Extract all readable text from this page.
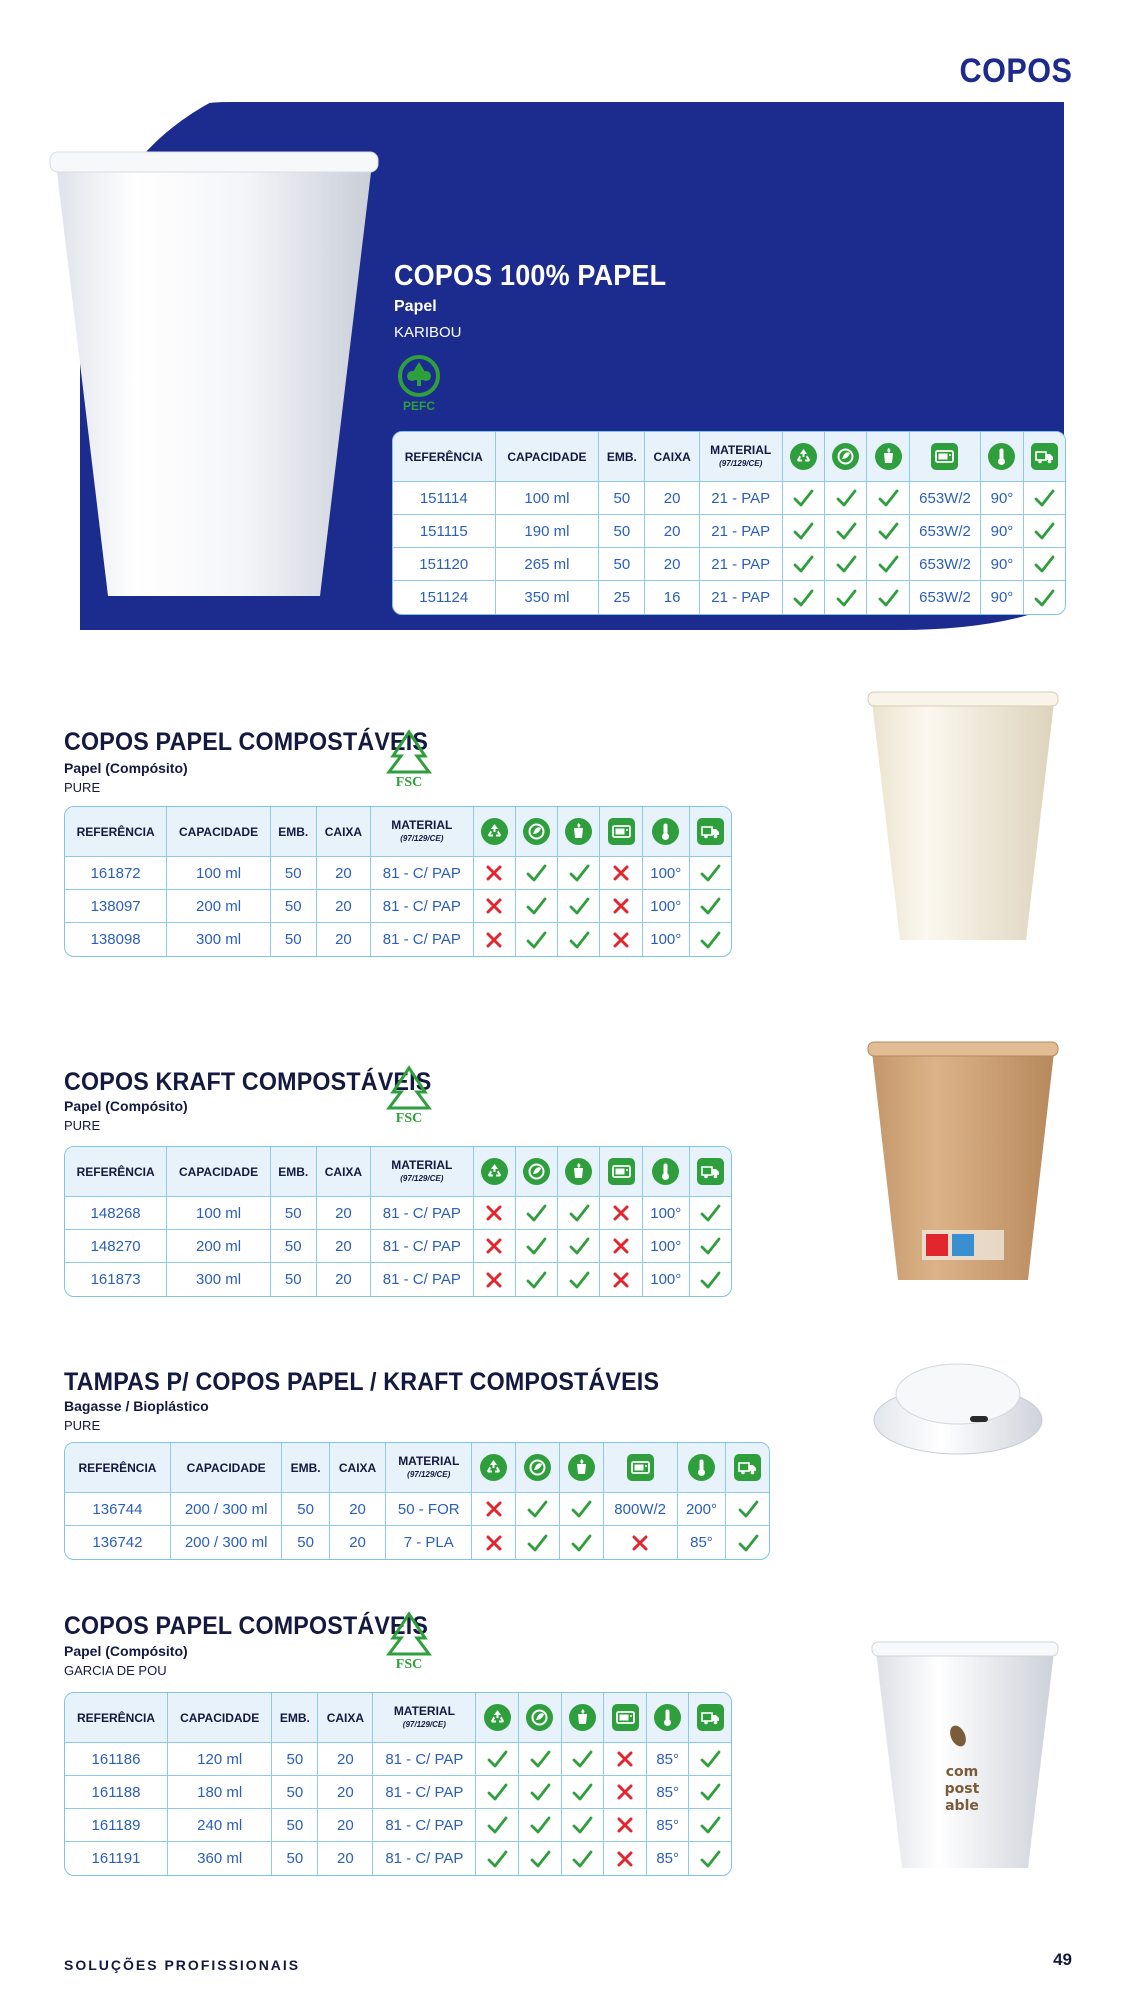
COPOS
COPOS 100% PAPEL
Papel
KARIBOU
PEFC
REFERÊNCIA	CAPACIDADE	EMB.	CAIXA	MATERIAL
(97/129/CE)

151114	100 ml	50	20	21 - PAP				653W/2	90°	
151115	190 ml	50	20	21 - PAP				653W/2	90°	
151120	265 ml	50	20	21 - PAP				653W/2	90°	
151124	350 ml	25	16	21 - PAP				653W/2	90°	
COPOS PAPEL COMPOSTÁVEIS
Papel (Compósito)
PURE	FSC
REFERÊNCIA	CAPACIDADE	EMB.	CAIXA	MATERIAL
(97/129/CE)

161872	100 ml	50	20	81 - C/ PAP					100°	
138097	200 ml	50	20	81 - C/ PAP					100°	
138098	300 ml	50	20	81 - C/ PAP					100°	
COPOS KRAFT COMPOSTÁVEIS
Papel (Compósito)
PURE	FSC
REFERÊNCIA	CAPACIDADE	EMB.	CAIXA	MATERIAL
(97/129/CE)

148268	100 ml	50	20	81 - C/ PAP					100°	
148270	200 ml	50	20	81 - C/ PAP					100°	
161873	300 ml	50	20	81 - C/ PAP					100°	
TAMPAS P/ COPOS PAPEL / KRAFT COMPOSTÁVEIS
Bagasse / Bioplástico
PURE
REFERÊNCIA	CAPACIDADE	EMB.	CAIXA	MATERIAL
(97/129/CE)

136744	200 / 300 ml	50	20	50 - FOR				800W/2	200°	
136742	200 / 300 ml	50	20	7 - PLA					85°	
COPOS PAPEL COMPOSTÁVEIS
Papel (Compósito)
GARCIA DE POU	FSC
REFERÊNCIA	CAPACIDADE	EMB.	CAIXA	MATERIAL
(97/129/CE)

161186	120 ml	50	20	81 - C/ PAP					85°	
161188	180 ml	50	20	81 - C/ PAP					85°	
161189	240 ml	50	20	81 - C/ PAP					85°	
161191	360 ml	50	20	81 - C/ PAP					85°	
com
post
able
SOLUÇÕES PROFISSIONAIS	49
